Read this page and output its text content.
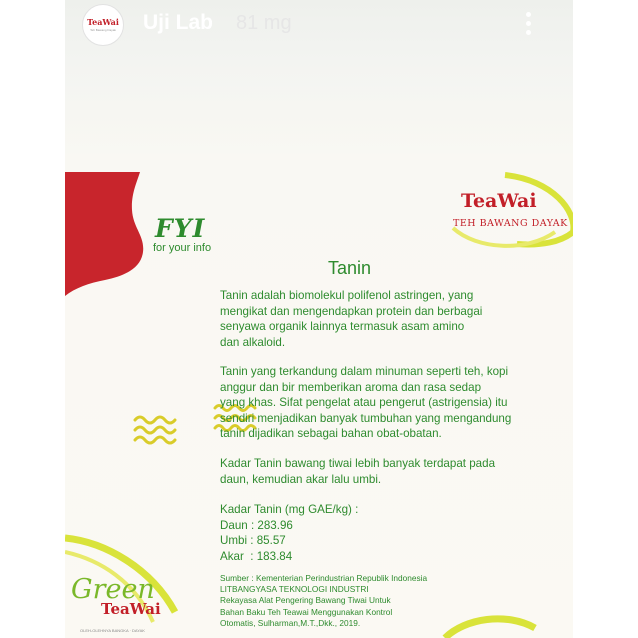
TeaWai
Teh Bawang Dayak	Uji Lab 81 mg
FYI
for your info
TeaWai
TEH BAWANG DAYAK
Tanin

Tanin adalah biomolekul polifenol astringen, yang
mengikat dan mengendapkan protein dan berbagai
senyawa organik lainnya termasuk asam amino
dan alkaloid.

Tanin yang terkandung dalam minuman seperti teh, kopi
anggur dan bir memberikan aroma dan rasa sedap
yang khas. Sifat pengelat atau pengerut (astrigensia) itu
sendiri menjadikan banyak tumbuhan yang mengandung
tanin dijadikan sebagai bahan obat-obatan.

Kadar Tanin bawang tiwai lebih banyak terdapat pada
daun, kemudian akar lalu umbi.

Kadar Tanin (mg GAE/kg) :
Daun : 283.96
Umbi : 85.57
Akar  : 183.84

Sumber : Kementerian Perindustrian Republik Indonesia
LITBANGYASA TEKNOLOGI INDUSTRI
Rekayasa Alat Pengering Bawang Tiwai Untuk
Bahan Baku Teh Teawai Menggunakan Kontrol
Otomatis, Sulharman,M.T.,Dkk., 2019.

Green
TeaWai
OLEH-OLEHNYA BANGKA · DAYAK
